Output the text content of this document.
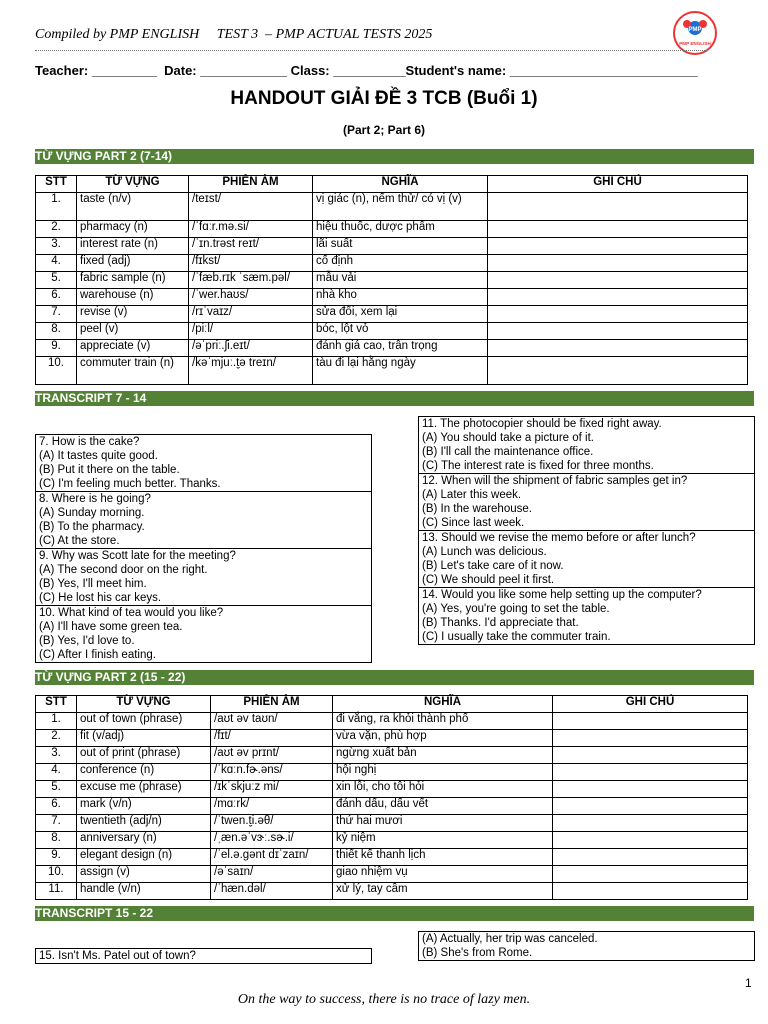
Compiled by PMP ENGLISH     TEST 3  – PMP ACTUAL TESTS 2025	PMP
PMP ENGLISH
Teacher: _________  Date: ____________ Class: __________Student's name: __________________________
HANDOUT GIẢI ĐỀ 3 TCB (Buổi 1)
(Part 2; Part 6)
TỪ VỰNG PART 2 (7-14)
STT	TỪ VỰNG	PHIÊN ÂM	NGHĨA	GHI CHÚ
1.	taste (n/v)	/teɪst/	vị giác (n), nếm thử/ có vị (v)	
2.	pharmacy (n)	/ˈfɑːr.mə.si/	hiệu thuốc, dược phẩm	
3.	interest rate (n)	/ˈɪn.trəst reɪt/	lãi suất	
4.	fixed (adj)	/fɪkst/	cố định	
5.	fabric sample (n)	/ˈfæb.rɪk ˈsæm.pəl/	mẫu vải	
6.	warehouse (n)	/ˈwer.haʊs/	nhà kho	
7.	revise (v)	/rɪˈvaɪz/	sửa đổi, xem lại	
8.	peel (v)	/piːl/	bóc, lột vỏ	
9.	appreciate (v)	/əˈpriː.ʃi.eɪt/	đánh giá cao, trân trọng	
10.	commuter train (n)	/kəˈmjuː.t̬ə treɪn/	tàu đi lại hằng ngày	
TRANSCRIPT 7 - 14
7. How is the cake?
(A) It tastes quite good.
(B) Put it there on the table.
(C) I'm feeling much better. Thanks.
8. Where is he going?
(A) Sunday morning.
(B) To the pharmacy.
(C) At the store.
9. Why was Scott late for the meeting?
(A) The second door on the right.
(B) Yes, I'll meet him.
(C) He lost his car keys.
10. What kind of tea would you like?
(A) I'll have some green tea.
(B) Yes, I'd love to.
(C) After I finish eating.
11. The photocopier should be fixed right away.
(A) You should take a picture of it.
(B) I'll call the maintenance office.
(C) The interest rate is fixed for three months.
12. When will the shipment of fabric samples get in?
(A) Later this week.
(B) In the warehouse.
(C) Since last week.
13. Should we revise the memo before or after lunch?
(A) Lunch was delicious.
(B) Let's take care of it now.
(C) We should peel it first.
14. Would you like some help setting up the computer?
(A) Yes, you're going to set the table.
(B) Thanks. I'd appreciate that.
(C) I usually take the commuter train.
TỪ VỰNG PART 2 (15 - 22)
STT	TỪ VỰNG	PHIÊN ÂM	NGHĨA	GHI CHÚ
1.	out of town (phrase)	/aʊt əv taʊn/	đi vắng, ra khỏi thành phố	
2.	fit (v/adj)	/fɪt/	vừa vặn, phù hợp	
3.	out of print (phrase)	/aʊt əv prɪnt/	ngừng xuất bản	
4.	conference (n)	/ˈkɑːn.fɚ.əns/	hội nghị	
5.	excuse me (phrase)	/ɪkˈskjuːz mi/	xin lỗi, cho tôi hỏi	
6.	mark (v/n)	/mɑːrk/	đánh dấu, dấu vết	
7.	twentieth (adj/n)	/ˈtwen.t̬i.əθ/	thứ hai mươi	
8.	anniversary (n)	/ˌæn.əˈvɝː.sɚ.i/	kỷ niệm	
9.	elegant design (n)	/ˈel.ə.ɡənt dɪˈzaɪn/	thiết kế thanh lịch	
10.	assign (v)	/əˈsaɪn/	giao nhiệm vụ	
11.	handle (v/n)	/ˈhæn.dəl/	xử lý, tay cầm	
TRANSCRIPT 15 - 22
15. Isn't Ms. Patel out of town?
(A) Actually, her trip was canceled.
(B) She's from Rome.
1
On the way to success, there is no trace of lazy men.
